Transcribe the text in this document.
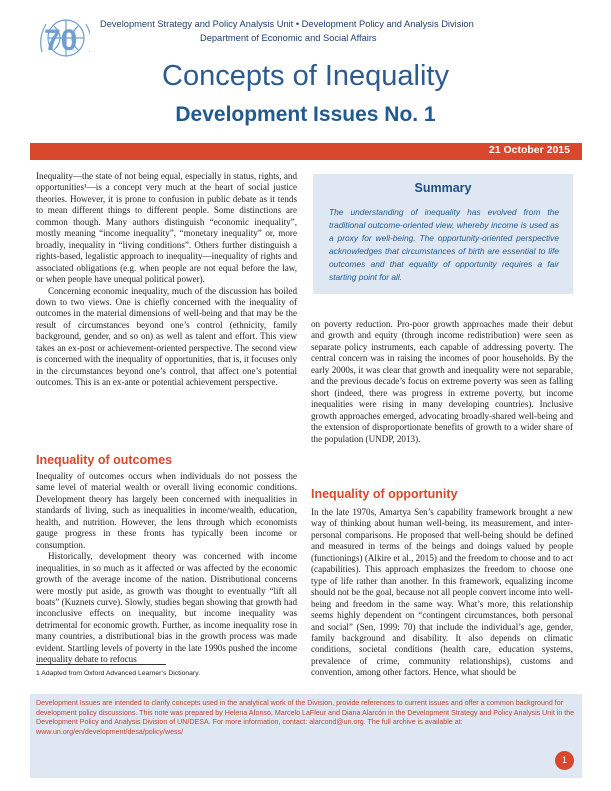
70 Development Strategy and Policy Analysis Unit • Development Policy and Analysis Division
Department of Economic and Social Affairs
Concepts of Inequality
Development Issues No. 1
21 October 2015

Inequality—the state of not being equal, especially in status, rights, and opportunities¹—is a concept very much at the heart of social justice theories. However, it is prone to confusion in public debate as it tends to mean different things to different people. Some distinctions are common though. Many authors distinguish “economic inequality”, mostly meaning “income inequality”, “monetary inequality” or, more broadly, inequality in “living conditions”. Others further distinguish a rights-based, legalistic approach to inequality—inequality of rights and associated obligations (e.g. when people are not equal before the law, or when people have unequal political power).

Concerning economic inequality, much of the discussion has boiled down to two views. One is chiefly concerned with the inequality of outcomes in the material dimensions of well-being and that may be the result of circumstances beyond one’s control (ethnicity, family background, gender, and so on) as well as talent and effort. This view takes an ex-post or achievement-oriented perspective. The second view is concerned with the inequality of opportunities, that is, it focuses only in the circumstances beyond one’s control, that affect one’s potential outcomes. This is an ex-ante or potential achievement perspective.

Inequality of outcomes

Inequality of outcomes occurs when individuals do not possess the same level of material wealth or overall living economic conditions. Development theory has largely been concerned with inequalities in standards of living, such as inequalities in income/wealth, education, health, and nutrition. However, the lens through which economists gauge progress in these fronts has typically been income or consumption.

Historically, development theory was concerned with income inequalities, in so much as it affected or was affected by the economic growth of the average income of the nation. Distributional concerns were mostly put aside, as growth was thought to eventually “lift all boats” (Kuznets curve). Slowly, studies began showing that growth had inconclusive effects on inequality, but income inequality was detrimental for economic growth. Further, as income inequality rose in many countries, a distributional bias in the growth process was made evident. Startling levels of poverty in the late 1990s pushed the income inequality debate to refocus

Summary

The understanding of inequality has evolved from the traditional outcome-oriented view, whereby income is used as a proxy for well-being. The opportunity-oriented perspective acknowledges that circumstances of birth are essential to life outcomes and that equality of opportunity requires a fair starting point for all.

on poverty reduction. Pro-poor growth approaches made their debut and growth and equity (through income redistribution) were seen as separate policy instruments, each capable of addressing poverty. The central concern was in raising the incomes of poor households. By the early 2000s, it was clear that growth and inequality were not separable, and the previous decade’s focus on extreme poverty was seen as falling short (indeed, there was progress in extreme poverty, but income inequalities were rising in many developing countries). Inclusive growth approaches emerged, advocating broadly-shared well-being and the extension of disproportionate benefits of growth to a wider share of the population (UNDP, 2013).

Inequality of opportunity

In the late 1970s, Amartya Sen’s capability framework brought a new way of thinking about human well-being, its measurement, and inter-personal comparisons. He proposed that well-being should be defined and measured in terms of the beings and doings valued by people (functionings) (Alkire et al., 2015) and the freedom to choose and to act (capabilities). This approach emphasizes the freedom to choose one type of life rather than another. In this framework, equalizing income should not be the goal, because not all people convert income into well-being and freedom in the same way. What’s more, this relationship seems highly dependent on “contingent circumstances, both personal and social” (Sen, 1999: 70) that include the individual’s age, gender, family background and disability. It also depends on climatic conditions, societal conditions (health care, education systems, prevalence of crime, community relationships), customs and convention, among other factors. Hence, what should be

1 Adapted from Oxford Advanced Learner’s Dictionary.

Development Issues are intended to clarify concepts used in the analytical work of the Division, provide references to current issues and offer a common background for development policy discussions. This note was prepared by Helena Afonso, Marcelo LaFleur and Diana Alarcón in the Development Strategy and Policy Analysis Unit in the Development Policy and Analysis Division of UN/DESA. For more information, contact: alarcond@un.org. The full archive is available at: www.un.org/en/development/desa/policy/wess/

1
